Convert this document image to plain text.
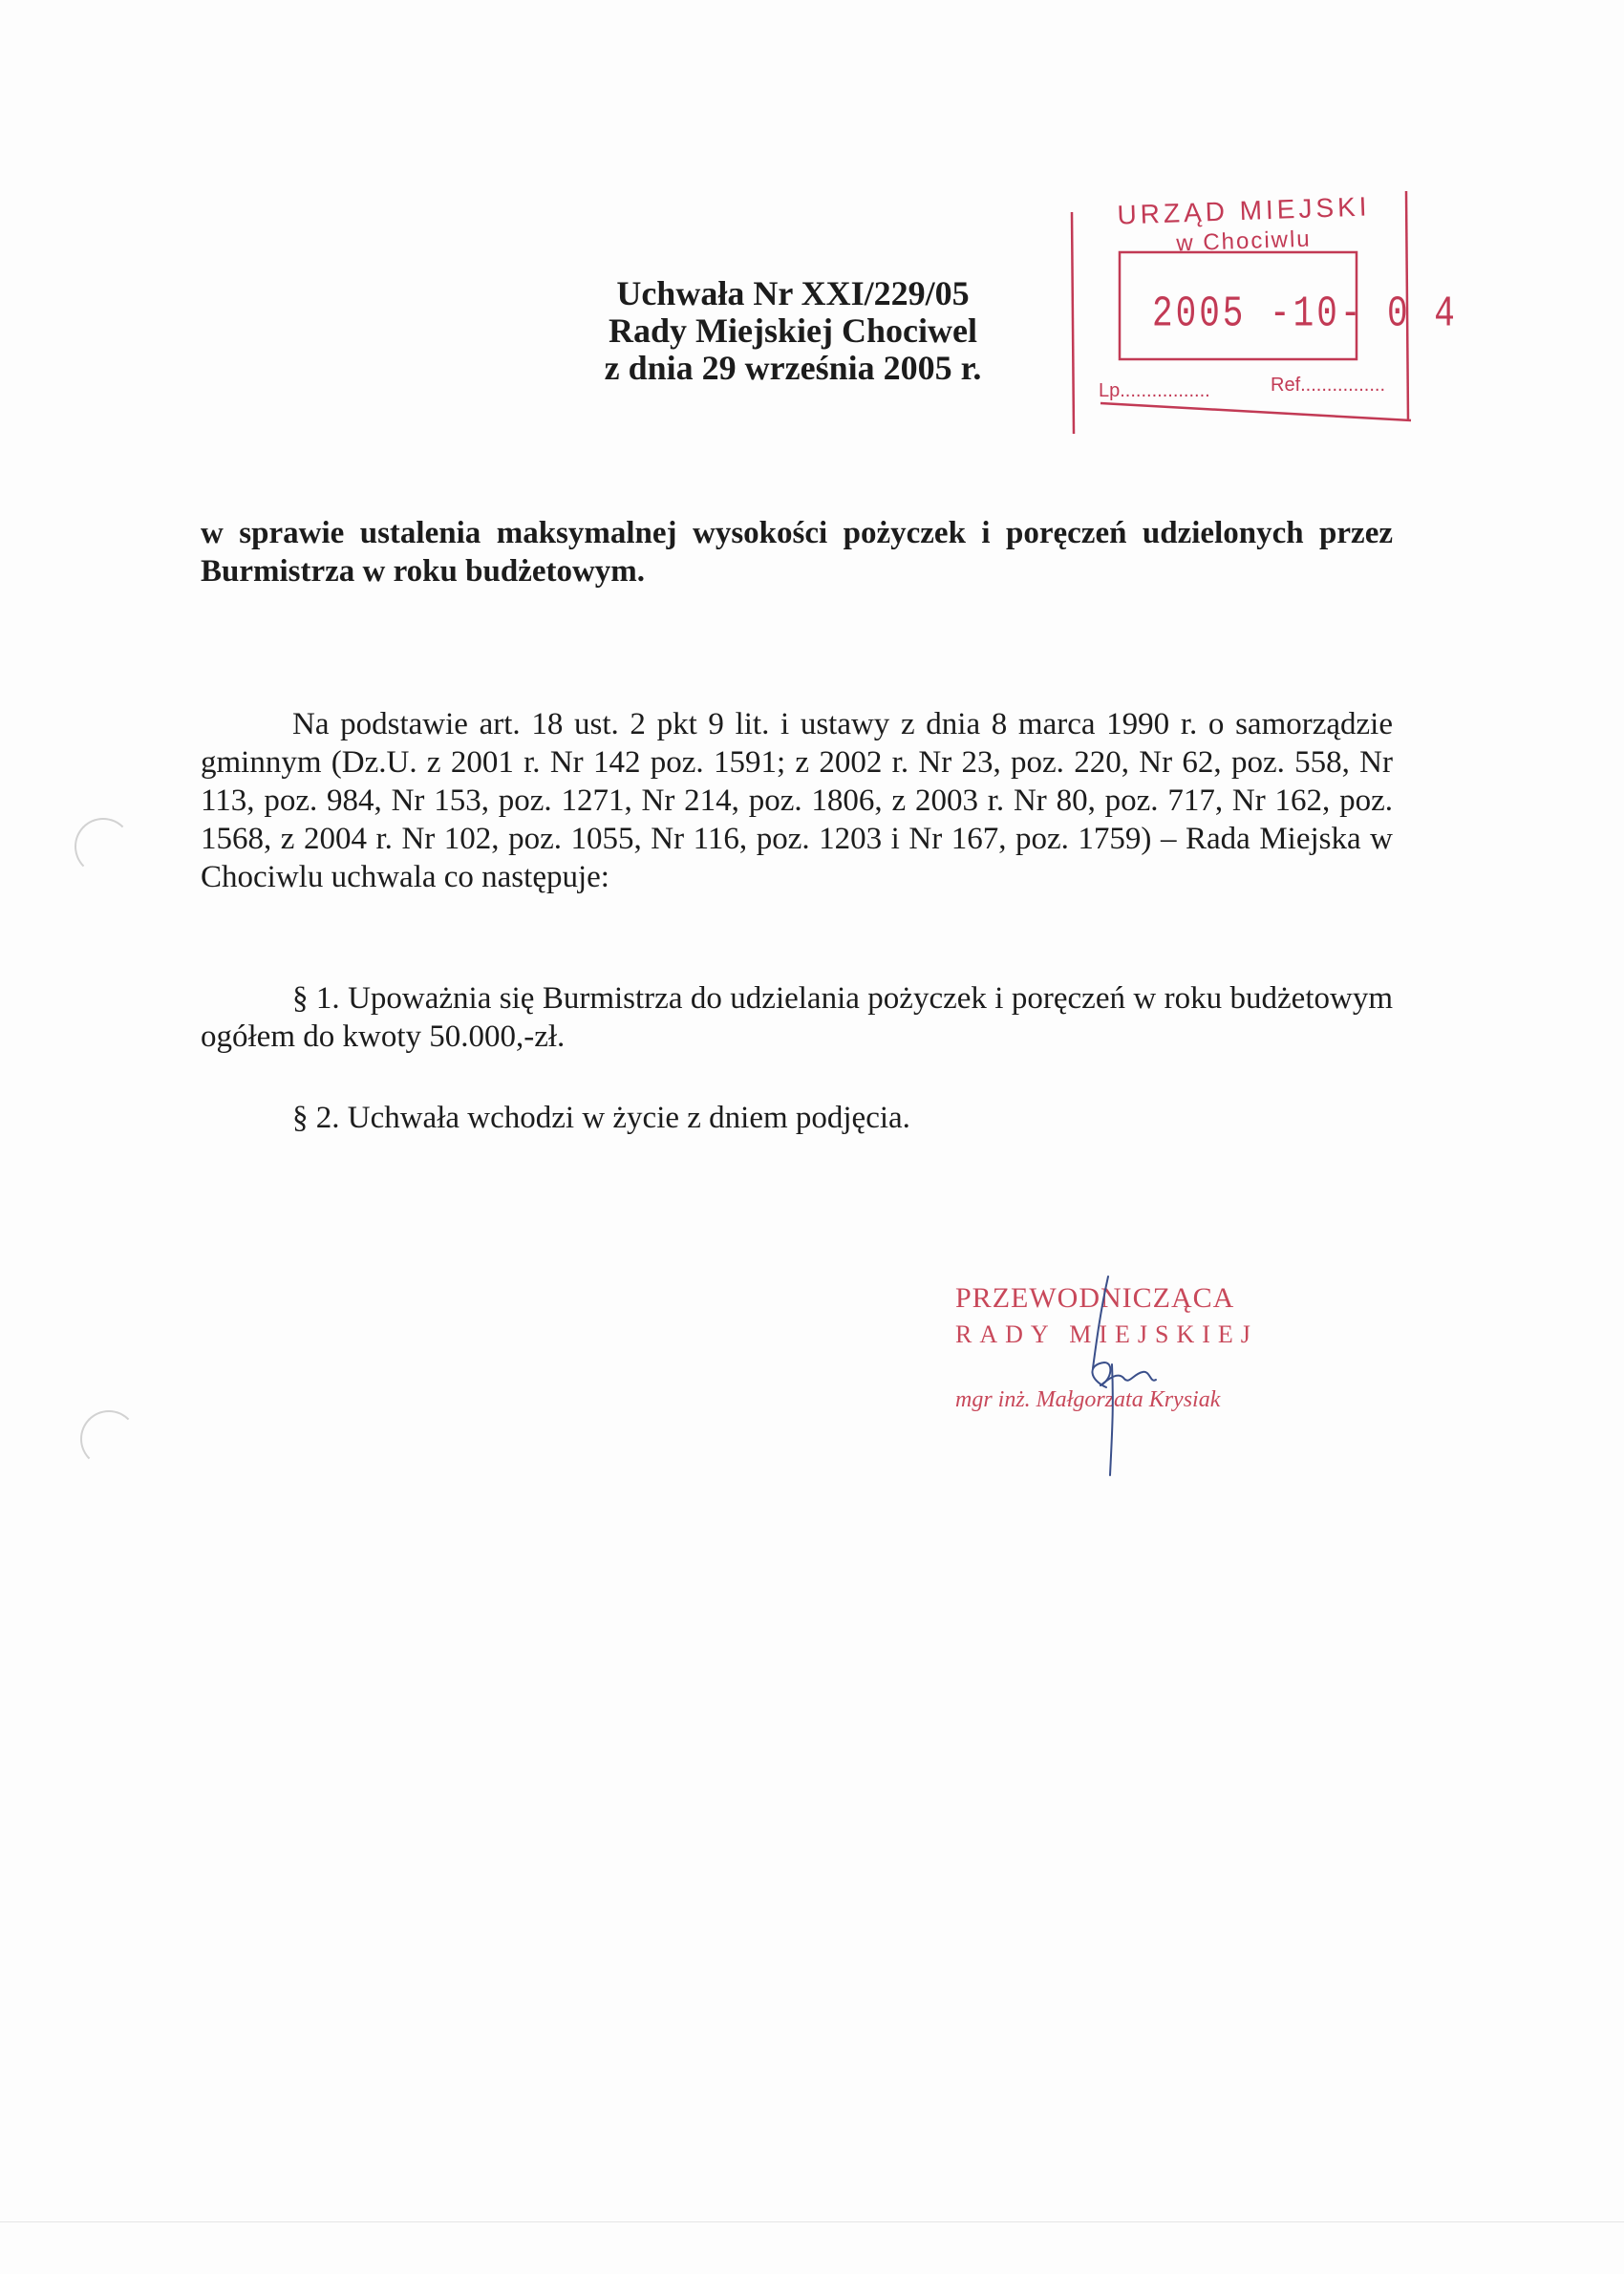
Uchwała Nr XXI/229/05
Rady Miejskiej Chociwel
z dnia 29 września 2005 r.
URZĄD MIEJSKI
w Chociwlu
2005 -10- 0 4
Lp.................	Ref................
w sprawie ustalenia maksymalnej wysokości pożyczek i poręczeń udzielonych przez Burmistrza w roku budżetowym.
Na podstawie art. 18 ust. 2 pkt 9 lit. i ustawy z dnia 8 marca 1990 r. o samorządzie gminnym (Dz.U. z 2001 r. Nr 142 poz. 1591; z 2002 r. Nr 23, poz. 220, Nr 62, poz. 558, Nr 113, poz. 984, Nr 153, poz. 1271, Nr 214, poz. 1806, z 2003 r. Nr 80, poz. 717, Nr 162, poz. 1568, z 2004 r. Nr 102, poz. 1055, Nr 116, poz. 1203 i Nr 167, poz. 1759) – Rada Miejska w Chociwlu uchwala co następuje:
§ 1. Upoważnia się Burmistrza do udzielania pożyczek i poręczeń w roku budżetowym ogółem do kwoty 50.000,-zł.
§ 2. Uchwała wchodzi w życie z dniem podjęcia.
PRZEWODNICZĄCA
RADY MIEJSKIEJ
mgr inż. Małgorzata Krysiak
